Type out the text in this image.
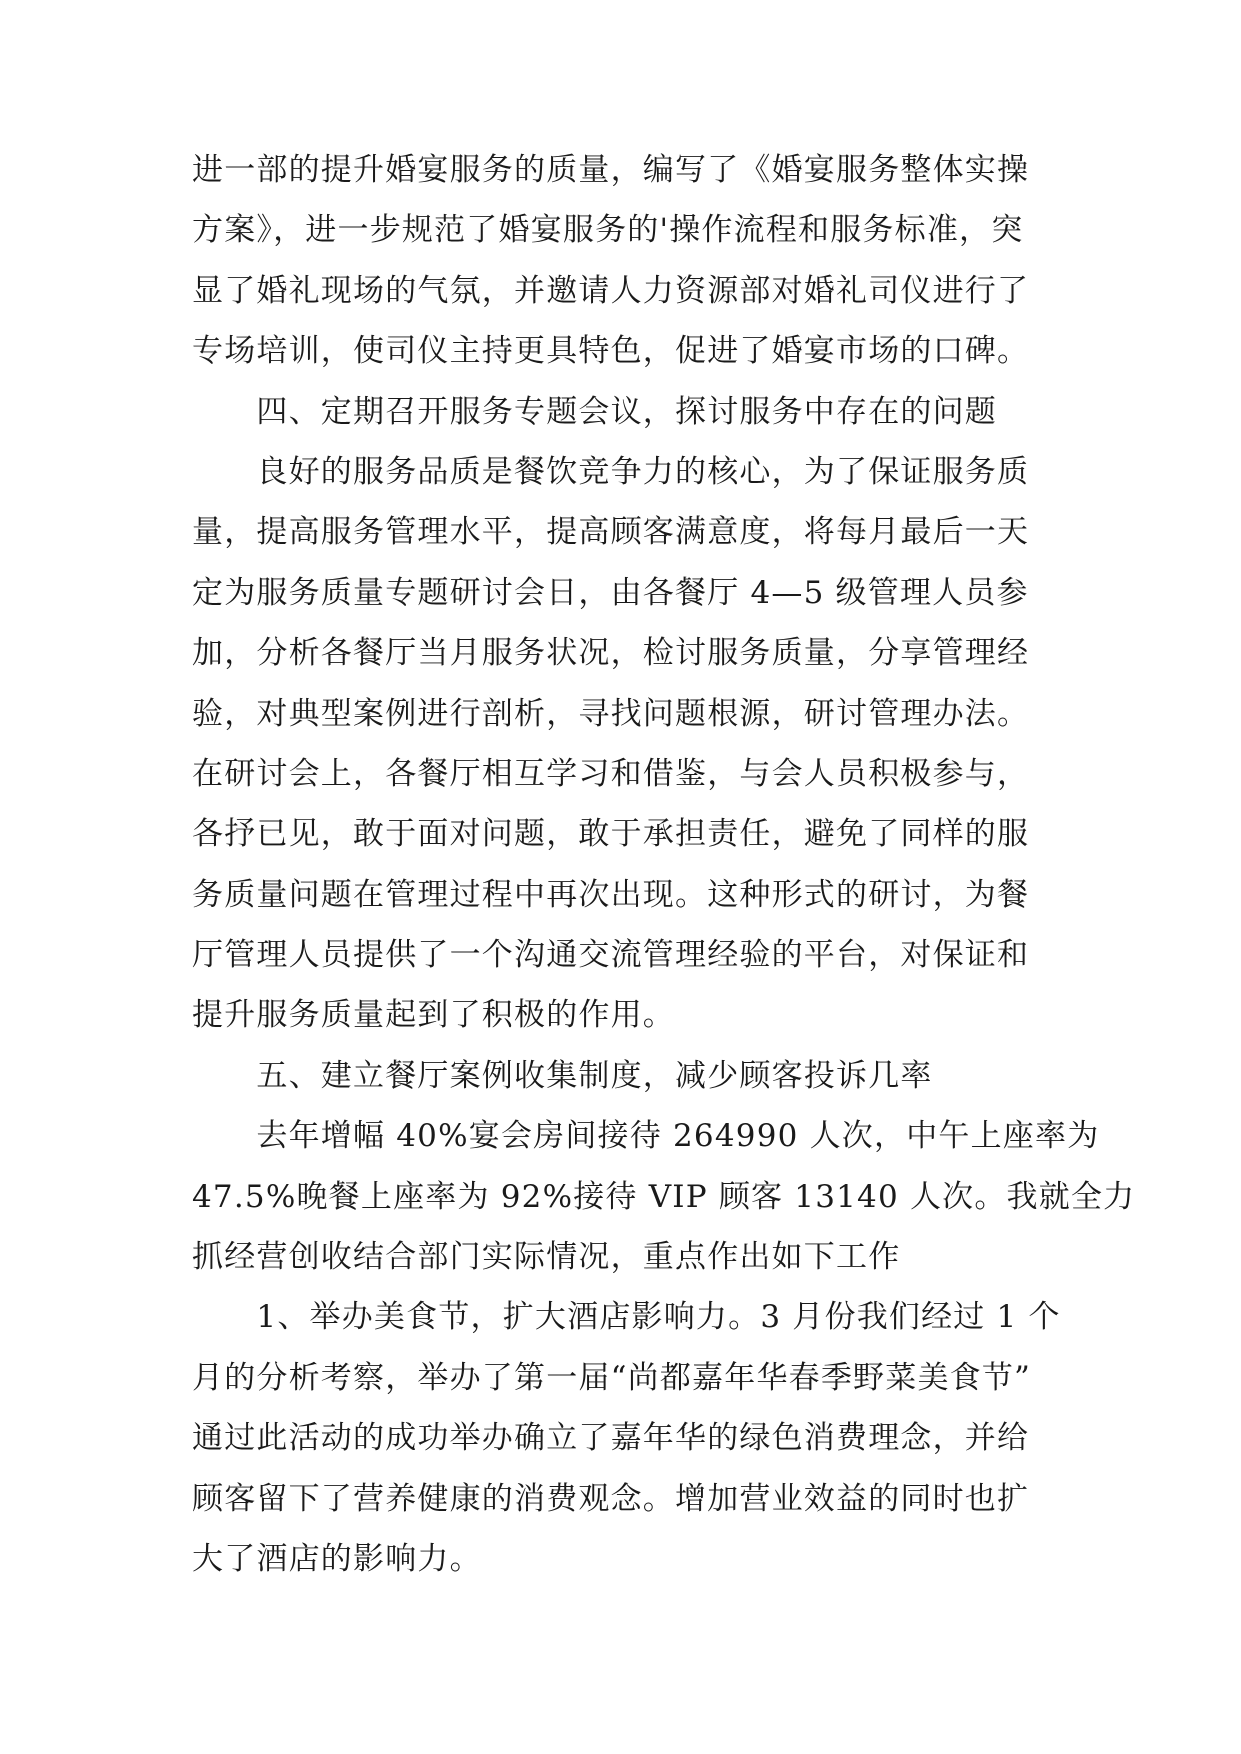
进一部的提升婚宴服务的质量，编写了《婚宴服务整体实操
方案》，进一步规范了婚宴服务的'操作流程和服务标准，突
显了婚礼现场的气氛，并邀请人力资源部对婚礼司仪进行了
专场培训，使司仪主持更具特色，促进了婚宴市场的口碑。
　　四、定期召开服务专题会议，探讨服务中存在的问题
　　良好的服务品质是餐饮竞争力的核心，为了保证服务质
量，提高服务管理水平，提高顾客满意度，将每月最后一天
定为服务质量专题研讨会日，由各餐厅 4—5 级管理人员参
加，分析各餐厅当月服务状况，检讨服务质量，分享管理经
验，对典型案例进行剖析，寻找问题根源，研讨管理办法。
在研讨会上，各餐厅相互学习和借鉴，与会人员积极参与，
各抒已见，敢于面对问题，敢于承担责任，避免了同样的服
务质量问题在管理过程中再次出现。这种形式的研讨，为餐
厅管理人员提供了一个沟通交流管理经验的平台，对保证和
提升服务质量起到了积极的作用。
　　五、建立餐厅案例收集制度，减少顾客投诉几率
　　去年增幅 40%宴会房间接待 264990 人次，中午上座率为
47.5%晚餐上座率为 92%接待 VIP 顾客 13140 人次。我就全力
抓经营创收结合部门实际情况，重点作出如下工作
　　1、举办美食节，扩大酒店影响力。3 月份我们经过 1 个
月的分析考察，举办了第一届“尚都嘉年华春季野菜美食节”
通过此活动的成功举办确立了嘉年华的绿色消费理念，并给
顾客留下了营养健康的消费观念。增加营业效益的同时也扩
大了酒店的影响力。
